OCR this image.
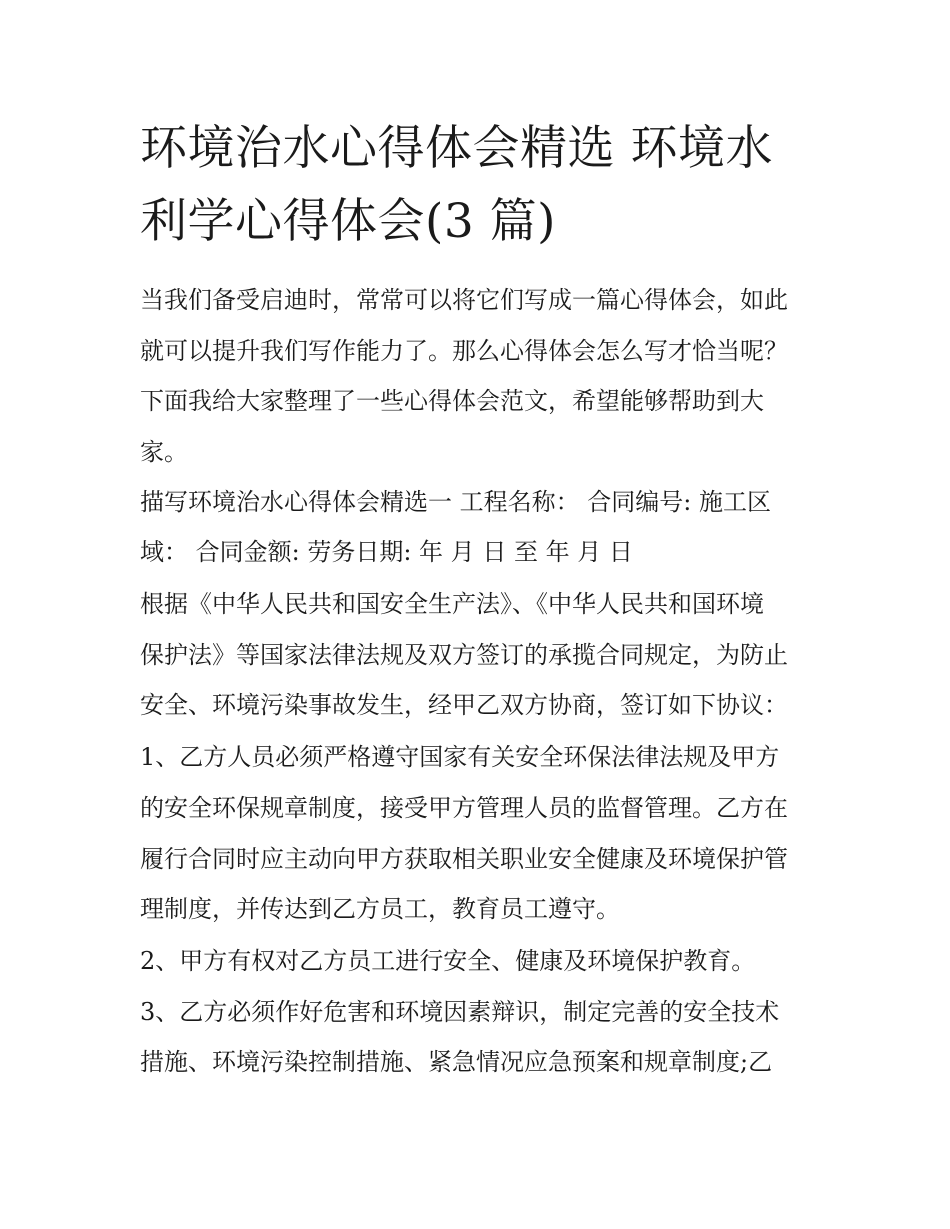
环境治水心得体会精选 环境水
利学心得体会(3 篇)

当我们备受启迪时，常常可以将它们写成一篇心得体会，如此

就可以提升我们写作能力了。那么心得体会怎么写才恰当呢？

下面我给大家整理了一些心得体会范文，希望能够帮助到大

家。

描写环境治水心得体会精选一 工程名称： 合同编号: 施工区

域： 合同金额: 劳务日期: 年 月 日 至 年 月 日

根据《中华人民共和国安全生产法》、《中华人民共和国环境

保护法》等国家法律法规及双方签订的承揽合同规定，为防止

安全、环境污染事故发生，经甲乙双方协商，签订如下协议：

1、乙方人员必须严格遵守国家有关安全环保法律法规及甲方

的安全环保规章制度，接受甲方管理人员的监督管理。乙方在

履行合同时应主动向甲方获取相关职业安全健康及环境保护管

理制度，并传达到乙方员工，教育员工遵守。

2、甲方有权对乙方员工进行安全、健康及环境保护教育。

3、乙方必须作好危害和环境因素辩识，制定完善的安全技术

措施、环境污染控制措施、紧急情况应急预案和规章制度;乙
